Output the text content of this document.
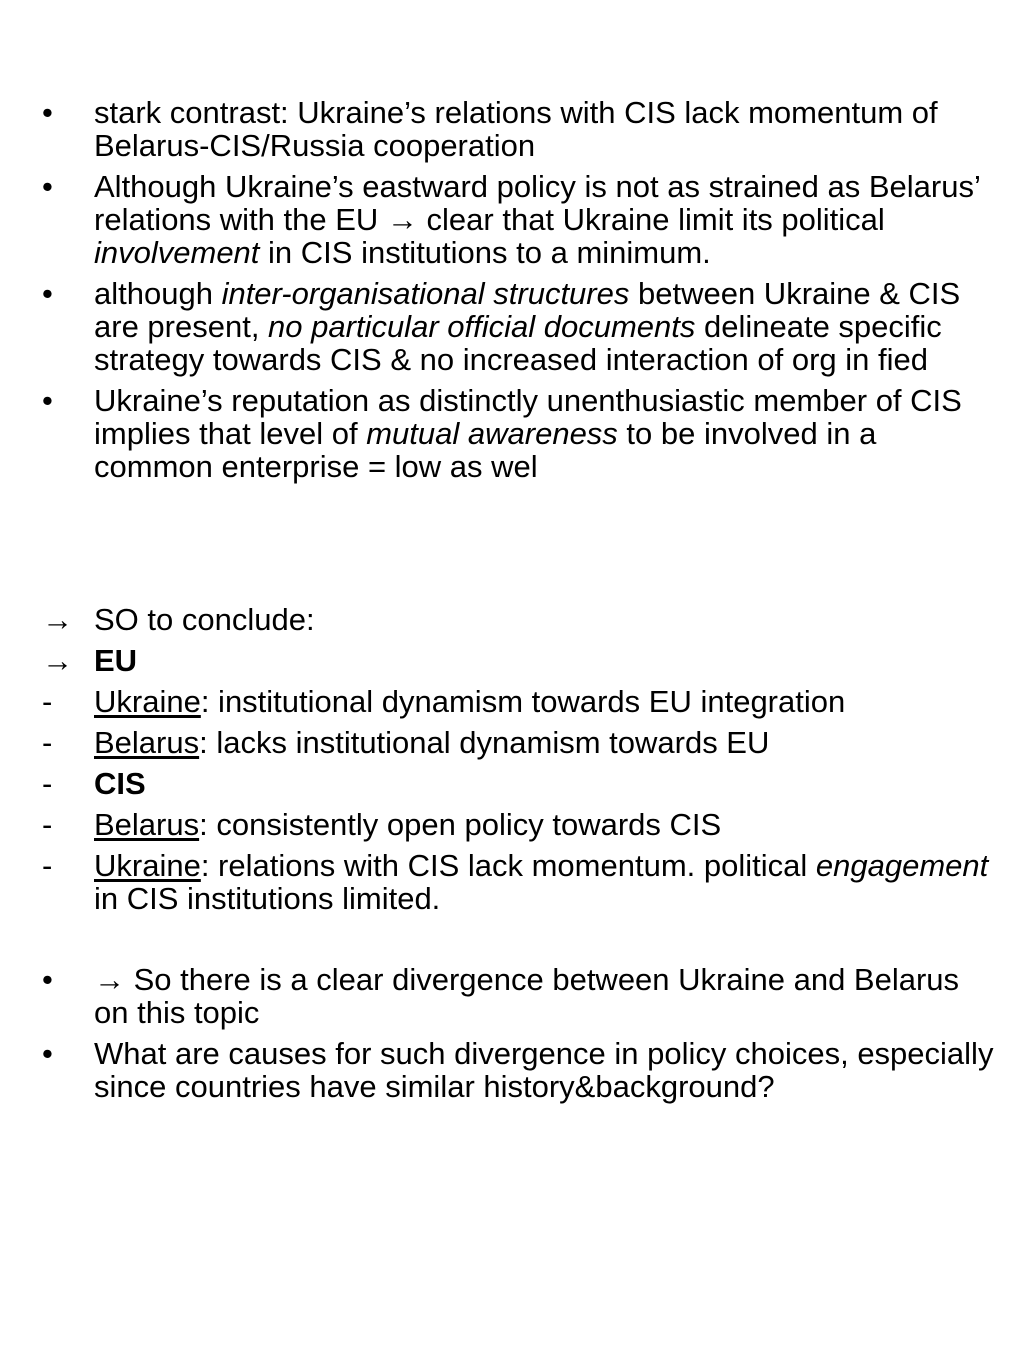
•	stark contrast: Ukraine’s relations with CIS lack momentum of Belarus-CIS/Russia cooperation
•	Although Ukraine’s eastward policy is not as strained as Belarus’ relations with the EU → clear that Ukraine limit its political involvement in CIS institutions to a minimum.
•	although inter-organisational structures between Ukraine & CIS are present, no particular official documents delineate specific strategy towards CIS & no increased interaction of org in fied
•	Ukraine’s reputation as distinctly unenthusiastic member of CIS implies that level of mutual awareness to be involved in a common enterprise = low as wel
→ SO to conclude:
→ EU
-	Ukraine: institutional dynamism towards EU integration
-	Belarus: lacks institutional dynamism towards EU
-	CIS
-	Belarus: consistently open policy towards CIS
-	Ukraine: relations with CIS lack momentum. political engagement in CIS institutions limited.
•	→ So there is a clear divergence between Ukraine and Belarus on this topic
•	What are causes for such divergence in policy choices, especially since countries have similar history&background?
